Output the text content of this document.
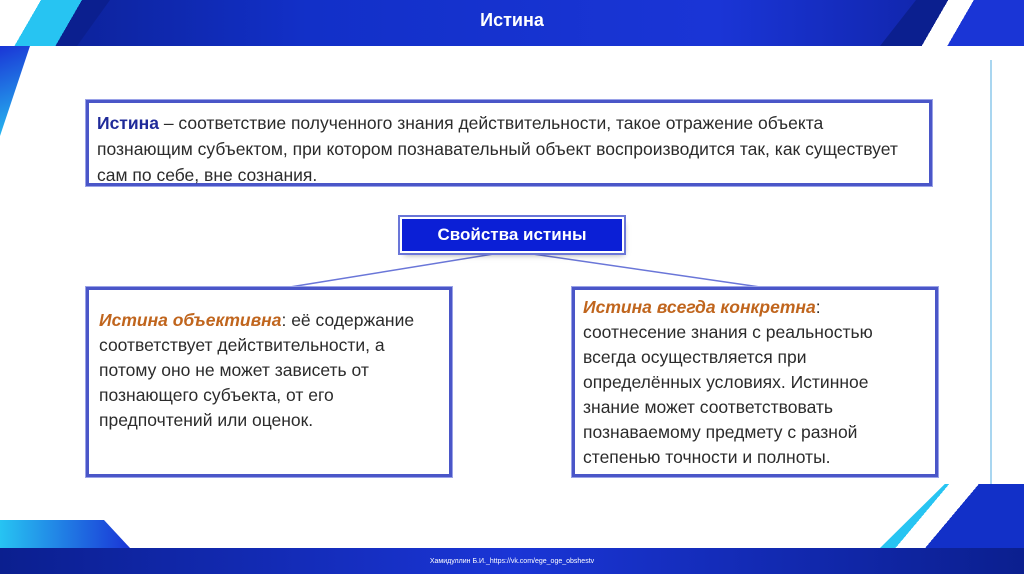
Истина
Хамидуллин Б.И._https://vk.com/ege_oge_obshestv
Истина – соответствие полученного знания действительности, такое отражение объекта познающим субъектом, при котором познавательный объект воспроизводится так, как существует сам по себе, вне сознания.
Свойства истины
Истина объективна: её содержание соответствует действительности, а потому оно не может зависеть от познающего субъекта, от его предпочтений или оценок.
Истина всегда конкретна: соотнесение знания с реальностью всегда осуществляется при определённых условиях. Истинное знание может соответствовать познаваемому предмету с разной степенью точности и полноты.
